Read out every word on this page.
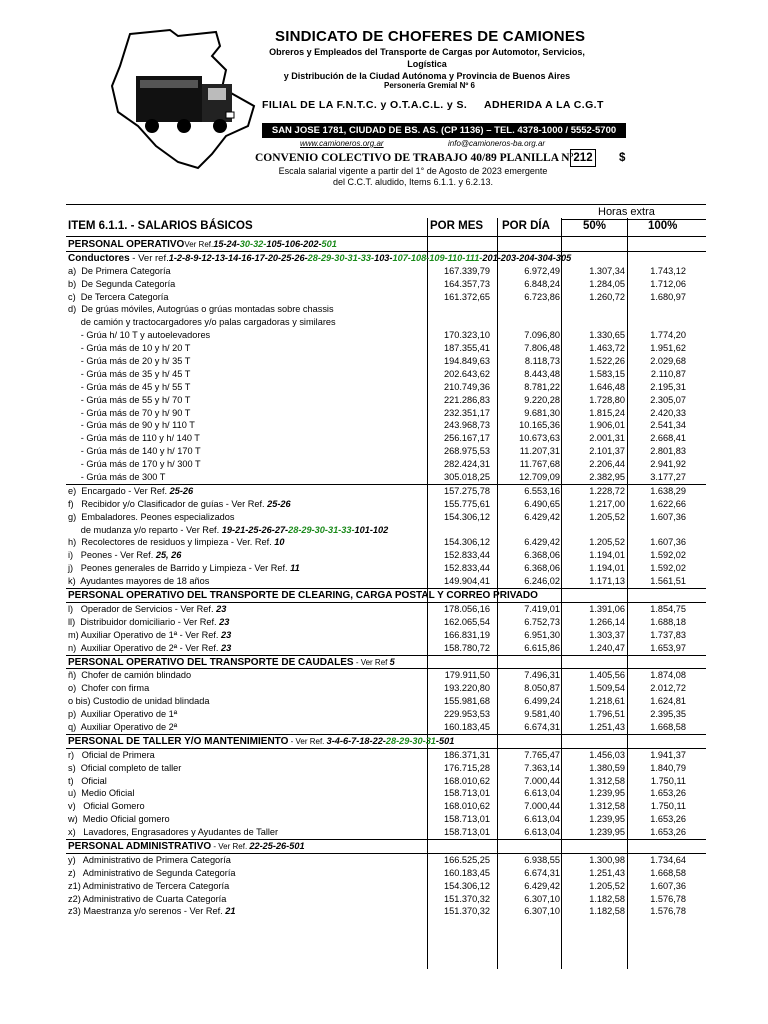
SINDICATO DE CHOFERES DE CAMIONES
Obreros y Empleados del Transporte de Cargas por Automotor, Servicios, Logística
y Distribución de la Ciudad Autónoma y Provincia de Buenos Aires
Personería Gremial Nº 6
FILIAL DE LA F.N.T.C. y O.T.A.C.L. y S. ADHERIDA A LA C.G.T
SAN JOSE 1781, CIUDAD DE BS. AS. (CP 1136) – TEL. 4378-1000 / 5552-5700
www.camioneros.org.ar	info@camioneros-ba.org.ar
CONVENIO COLECTIVO DE TRABAJO 40/89 PLANILLA Nº 212 $
Escala salarial vigente a partir del 1° de Agosto de 2023 emergente
del C.C.T. aludido, Items 6.1.1. y 6.2.13.
Horas extra
ITEM 6.1.1. - SALARIOS BÁSICOS	POR MES POR DÍA	50%	100%
PERSONAL OPERATIVOVer Ref.15-24-30-32-105-106-202-501
Conductores - Ver ref.1-2-8-9-12-13-14-16-17-20-25-26-28-29-30-31-33-103-107-108-109-110-111-201-203-204-304-305
a)  De Primera Categoría	167.339,79	6.972,49	1.307,34	1.743,12
b)  De Segunda Categoría	164.357,73	6.848,24	1.284,05	1.712,06
c)  De Tercera Categoría	161.372,65	6.723,86	1.260,72	1.680,97
d)  De grúas móviles, Autogrúas o grúas montadas sobre chassis
de camión y tractocargadores y/o palas cargadoras y similares
- Grúa h/ 10 T y autoelevadores	170.323,10	7.096,80	1.330,65	1.774,20
- Grúa más de 10 y h/ 20 T	187.355,41	7.806,48	1.463,72	1.951,62
- Grúa más de 20 y h/ 35 T	194.849,63	8.118,73	1.522,26	2.029,68
- Grúa más de 35 y h/ 45 T	202.643,62	8.443,48	1.583,15	2.110,87
- Grúa más de 45 y h/ 55 T	210.749,36	8.781,22	1.646,48	2.195,31
- Grúa más de 55 y h/ 70 T	221.286,83	9.220,28	1.728,80	2.305,07
- Grúa más de 70 y h/ 90 T	232.351,17	9.681,30	1.815,24	2.420,33
- Grúa más de 90 y h/ 110 T	243.968,73	10.165,36	1.906,01	2.541,34
- Grúa más de 110 y h/ 140 T	256.167,17	10.673,63	2.001,31	2.668,41
- Grúa más de 140 y h/ 170 T	268.975,53	11.207,31	2.101,37	2.801,83
- Grúa más de 170 y h/ 300 T	282.424,31	11.767,68	2.206,44	2.941,92
- Grúa más de 300 T	305.018,25	12.709,09	2.382,95	3.177,27
e)  Encargado - Ver Ref. 25-26	157.275,78	6.553,16	1.228,72	1.638,29
f)   Recibidor y/o Clasificador de guías - Ver Ref. 25-26	155.775,61	6.490,65	1.217,00	1.622,66
g)  Embaladores. Peones especializados	154.306,12	6.429,42	1.205,52	1.607,36
de mudanza y/o reparto - Ver Ref. 19-21-25-26-27-28-29-30-31-33-101-102
h)  Recolectores de residuos y limpieza - Ver. Ref. 10	154.306,12	6.429,42	1.205,52	1.607,36
i)   Peones - Ver Ref. 25, 26	152.833,44	6.368,06	1.194,01	1.592,02
j)   Peones generales de Barrido y Limpieza - Ver Ref. 11	152.833,44	6.368,06	1.194,01	1.592,02
k)  Ayudantes mayores de 18 años	149.904,41	6.246,02	1.171,13	1.561,51
PERSONAL OPERATIVO DEL TRANSPORTE DE CLEARING, CARGA POSTAL Y CORREO PRIVADO
l)   Operador de Servicios - Ver Ref. 23	178.056,16	7.419,01	1.391,06	1.854,75
ll)  Distribuidor domiciliario - Ver Ref. 23	162.065,54	6.752,73	1.266,14	1.688,18
m) Auxiliar Operativo de 1ª - Ver Ref. 23	166.831,19	6.951,30	1.303,37	1.737,83
n)  Auxiliar Operativo de 2ª - Ver Ref. 23	158.780,72	6.615,86	1.240,47	1.653,97
PERSONAL OPERATIVO DEL TRANSPORTE DE CAUDALES - Ver Ref 5
ñ)  Chofer de camión blindado	179.911,50	7.496,31	1.405,56	1.874,08
o)  Chofer con firma	193.220,80	8.050,87	1.509,54	2.012,72
o bis) Custodio de unidad blindada	155.981,68	6.499,24	1.218,61	1.624,81
p)  Auxiliar Operativo de 1ª	229.953,53	9.581,40	1.796,51	2.395,35
q)  Auxiliar Operativo de 2ª	160.183,45	6.674,31	1.251,43	1.668,58
PERSONAL DE TALLER Y/O MANTENIMIENTO - Ver Ref. 3-4-6-7-18-22-28-29-30-31-501
r)   Oficial de Primera	186.371,31	7.765,47	1.456,03	1.941,37
s)  Oficial completo de taller	176.715,28	7.363,14	1.380,59	1.840,79
t)   Oficial	168.010,62	7.000,44	1.312,58	1.750,11
u)  Medio Oficial	158.713,01	6.613,04	1.239,95	1.653,26
v)   Oficial Gomero	168.010,62	7.000,44	1.312,58	1.750,11
w)  Medio Oficial gomero	158.713,01	6.613,04	1.239,95	1.653,26
x)   Lavadores, Engrasadores y Ayudantes de Taller	158.713,01	6.613,04	1.239,95	1.653,26
PERSONAL ADMINISTRATIVO - Ver Ref. 22-25-26-501
y)   Administrativo de Primera Categoría	166.525,25	6.938,55	1.300,98	1.734,64
z)   Administrativo de Segunda Categoría	160.183,45	6.674,31	1.251,43	1.668,58
z1) Administrativo de Tercera Categoría	154.306,12	6.429,42	1.205,52	1.607,36
z2) Administrativo de Cuarta Categoría	151.370,32	6.307,10	1.182,58	1.576,78
z3) Maestranza y/o serenos - Ver Ref. 21	151.370,32	6.307,10	1.182,58	1.576,78
